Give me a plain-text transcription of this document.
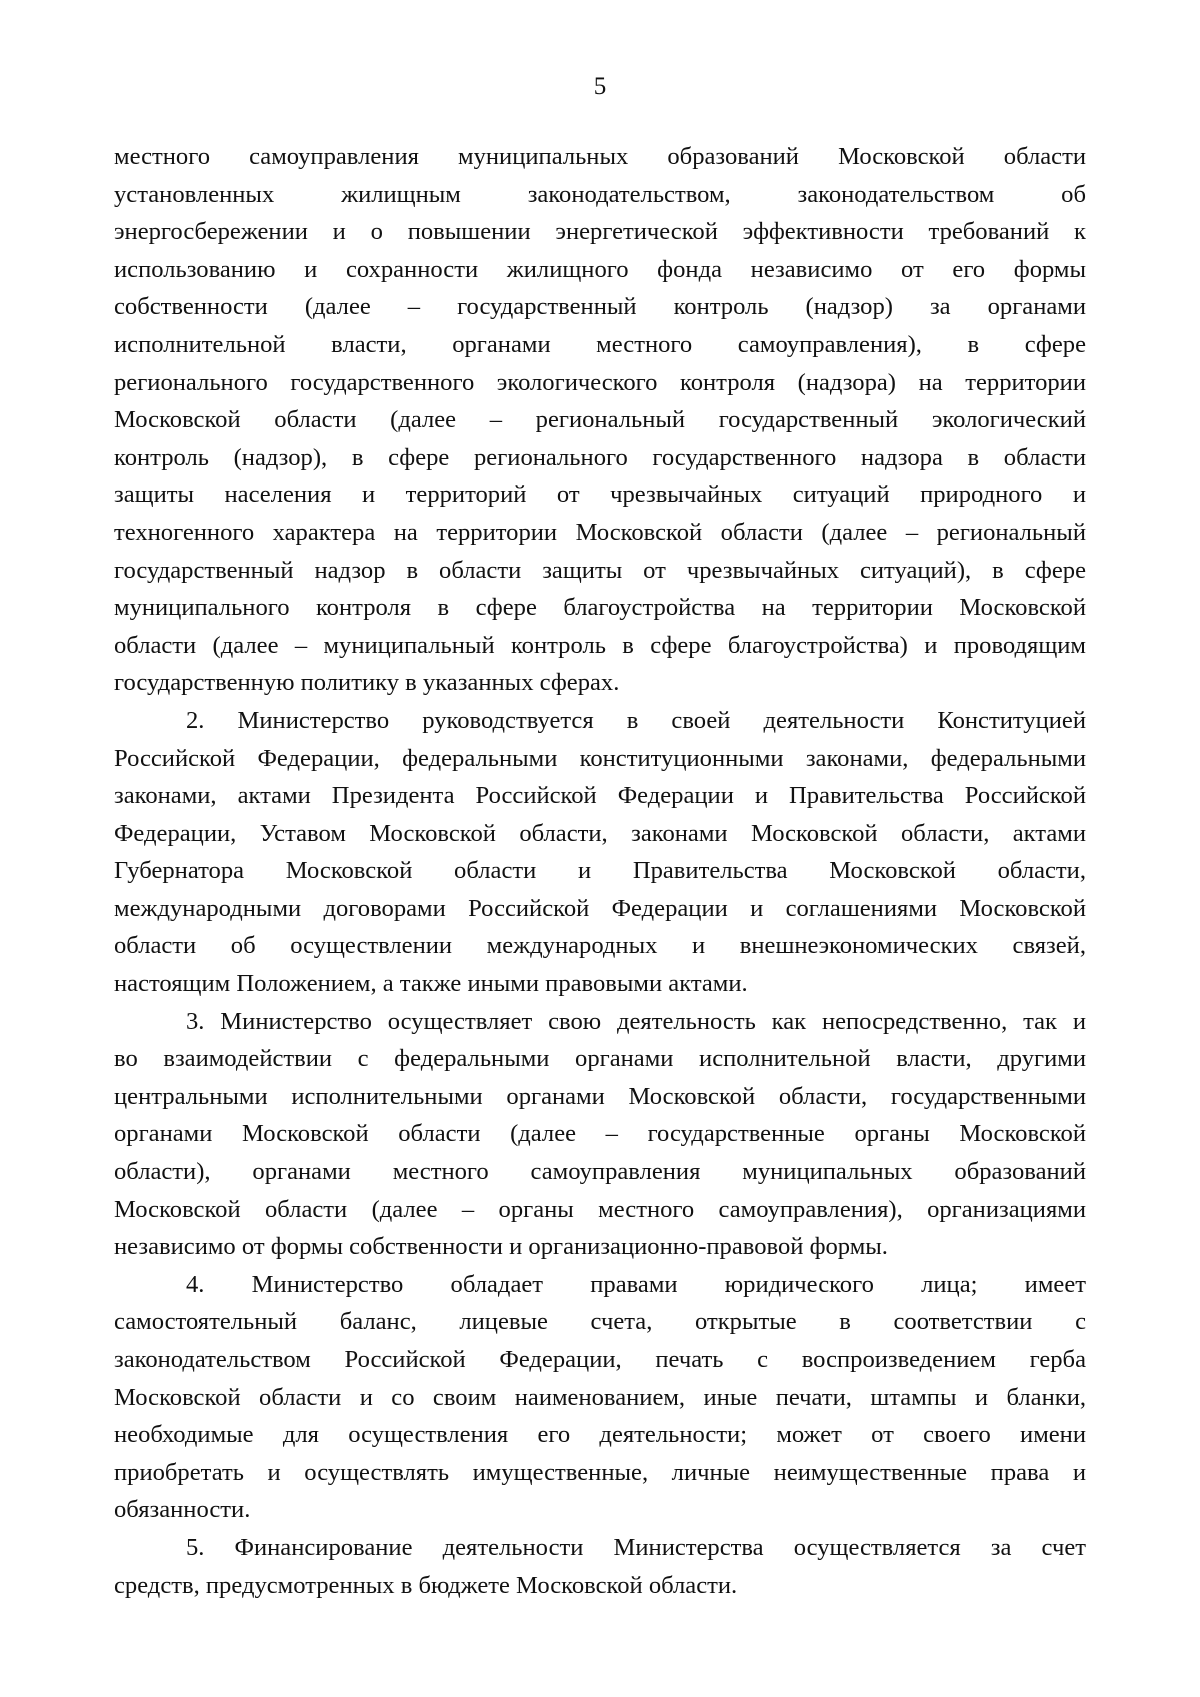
5
местного самоуправления муниципальных образований Московской области
установленных жилищным законодательством, законодательством об
энергосбережении и о повышении энергетической эффективности требований к
использованию и сохранности жилищного фонда независимо от его формы
собственности (далее – государственный контроль (надзор) за органами
исполнительной власти, органами местного самоуправления), в сфере
регионального государственного экологического контроля (надзора) на территории
Московской области (далее – региональный государственный экологический
контроль (надзор), в сфере регионального государственного надзора в области
защиты населения и территорий от чрезвычайных ситуаций природного и
техногенного характера на территории Московской области (далее – региональный
государственный надзор в области защиты от чрезвычайных ситуаций), в сфере
муниципального контроля в сфере благоустройства на территории Московской
области (далее – муниципальный контроль в сфере благоустройства) и проводящим
государственную политику в указанных сферах.
2. Министерство руководствуется в своей деятельности Конституцией
Российской Федерации, федеральными конституционными законами, федеральными
законами, актами Президента Российской Федерации и Правительства Российской
Федерации, Уставом Московской области, законами Московской области, актами
Губернатора Московской области и Правительства Московской области,
международными договорами Российской Федерации и соглашениями Московской
области об осуществлении международных и внешнеэкономических связей,
настоящим Положением, а также иными правовыми актами.
3. Министерство осуществляет свою деятельность как непосредственно, так и
во взаимодействии с федеральными органами исполнительной власти, другими
центральными исполнительными органами Московской области, государственными
органами Московской области (далее – государственные органы Московской
области), органами местного самоуправления муниципальных образований
Московской области (далее – органы местного самоуправления), организациями
независимо от формы собственности и организационно-правовой формы.
4. Министерство обладает правами юридического лица; имеет
самостоятельный баланс, лицевые счета, открытые в соответствии с
законодательством Российской Федерации, печать с воспроизведением герба
Московской области и со своим наименованием, иные печати, штампы и бланки,
необходимые для осуществления его деятельности; может от своего имени
приобретать и осуществлять имущественные, личные неимущественные права и
обязанности.
5. Финансирование деятельности Министерства осуществляется за счет
средств, предусмотренных в бюджете Московской области.
